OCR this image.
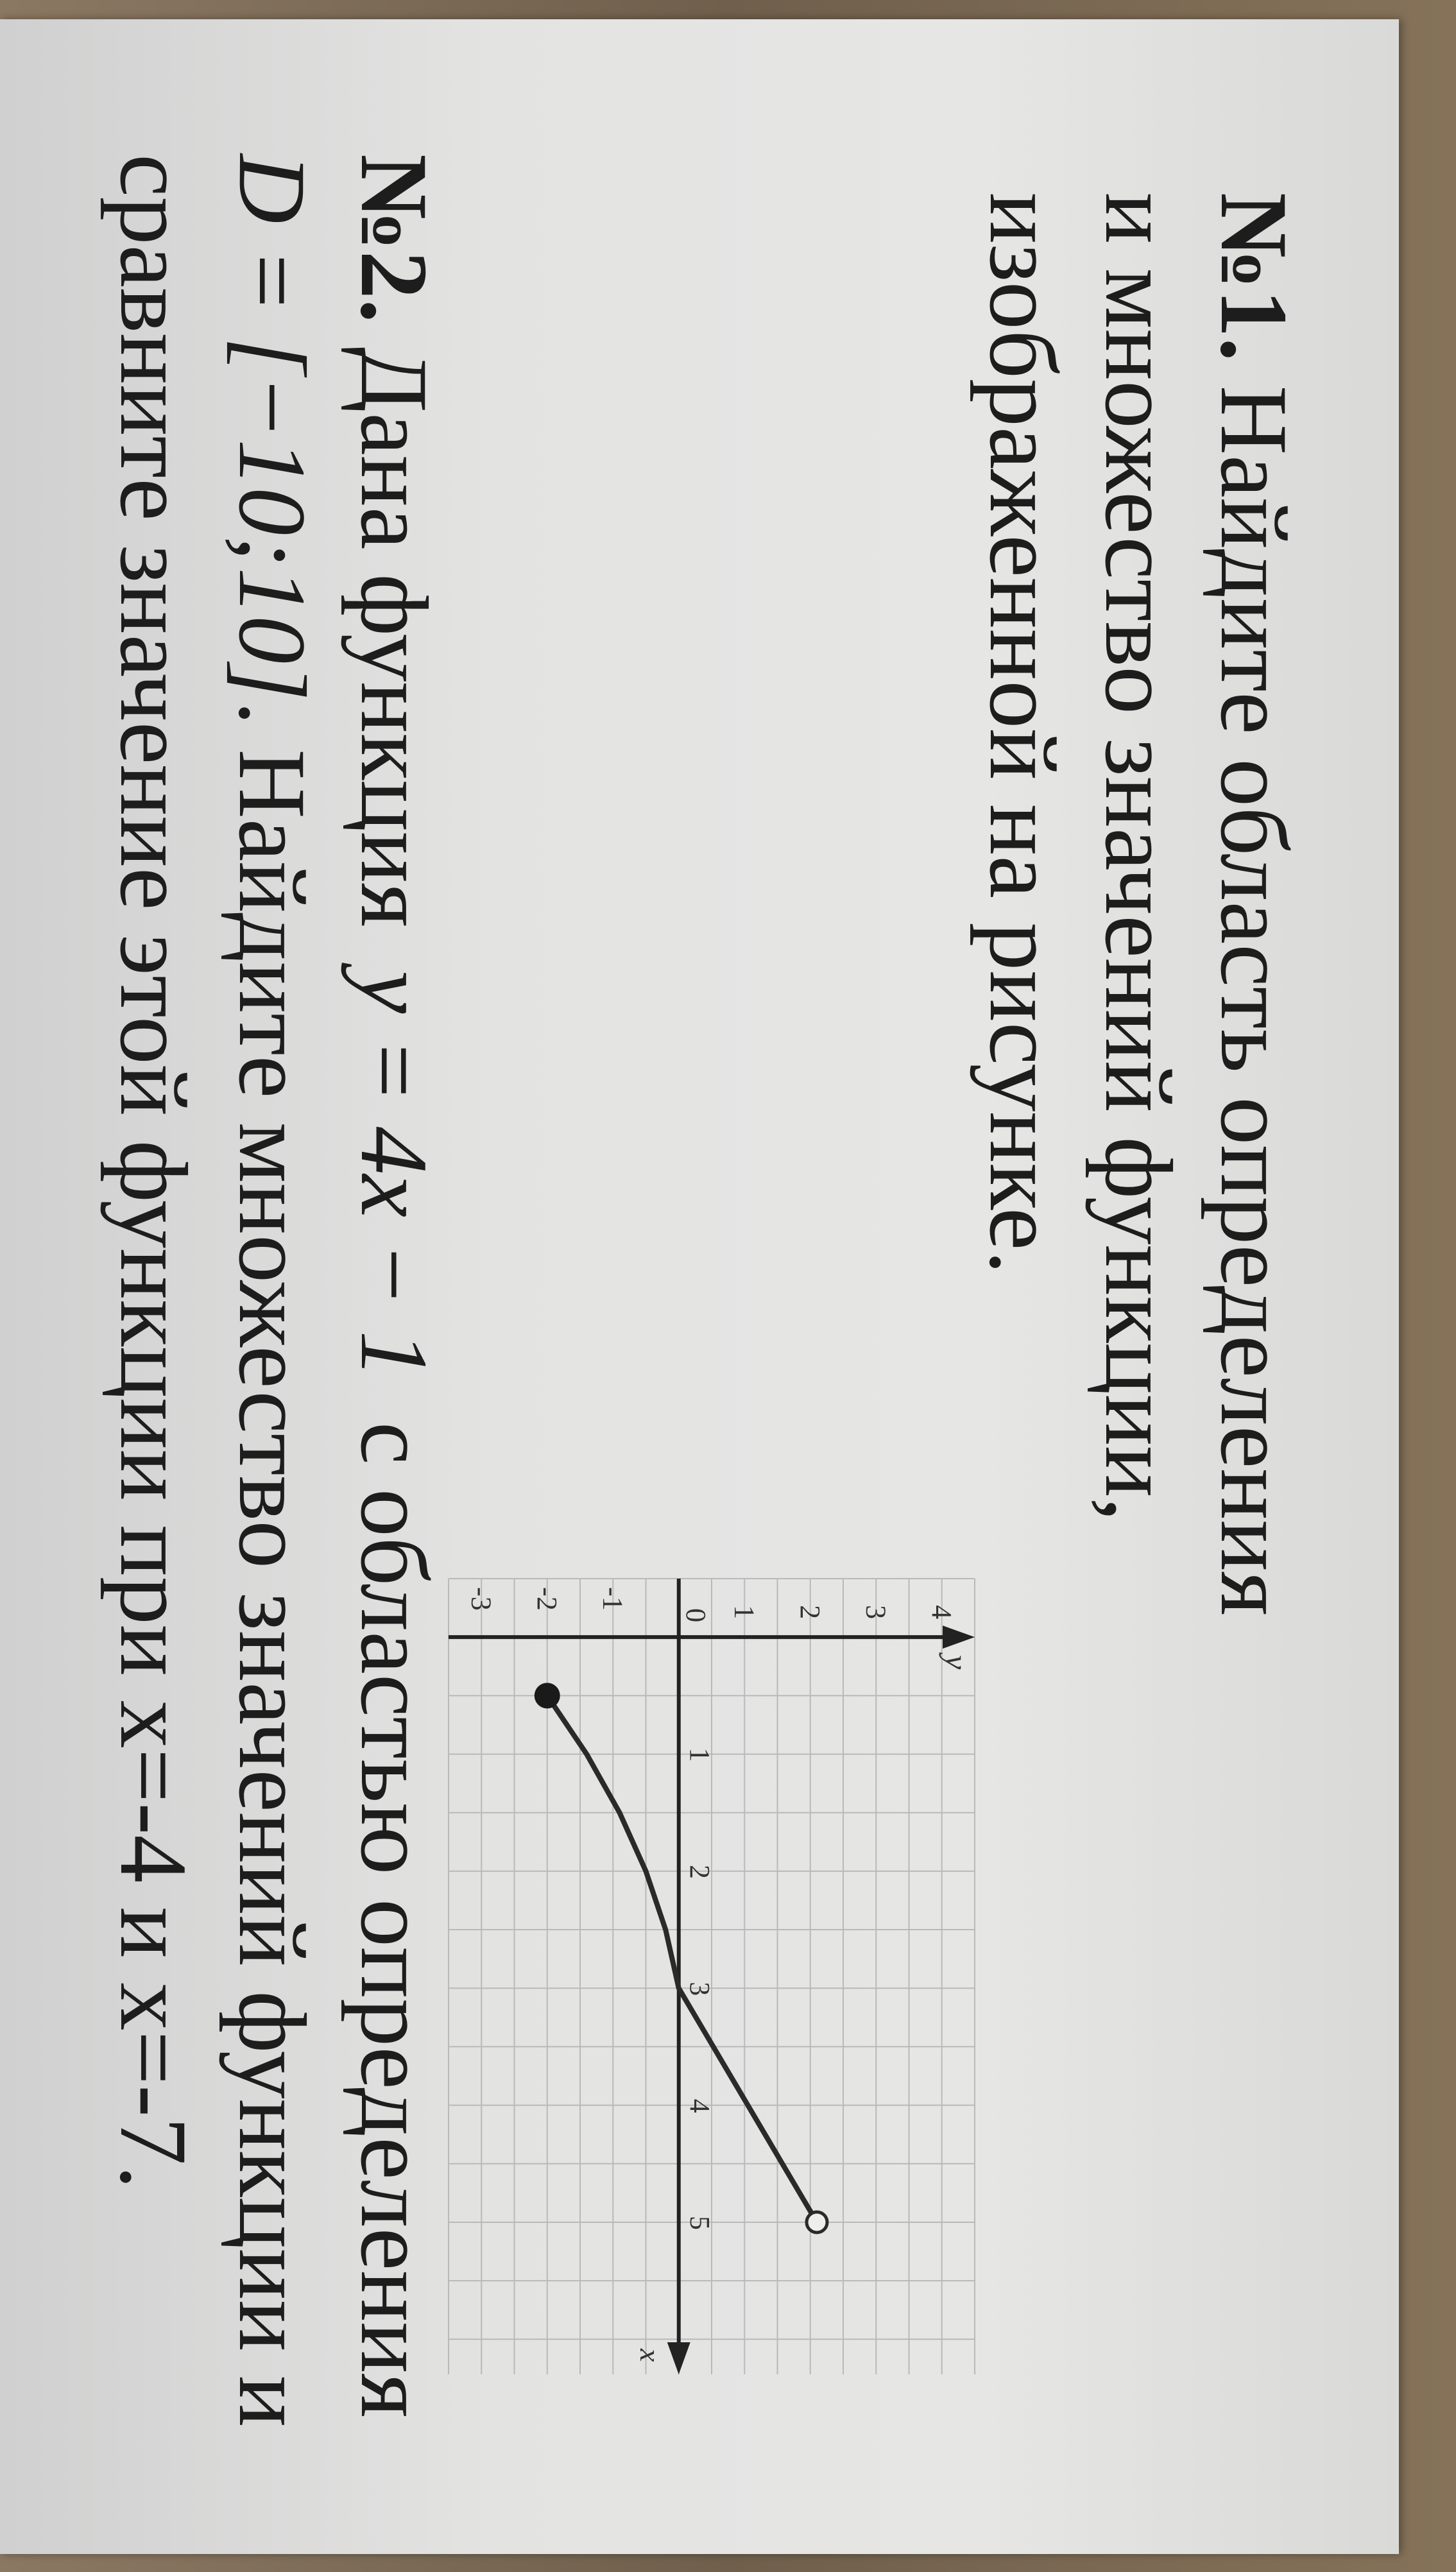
№1. Найдите область определения
и множество значений функции,
изображенной на рисунке.
1
2
3
4
5
4
3
2
1
-1
-2
-3
0
x
y
№2. Дана функция y = 4x − 1 с областью определения
D = [−10;10]. Найдите множество значений функции и
сравните значение этой функции при x=-4 и x=-7.
